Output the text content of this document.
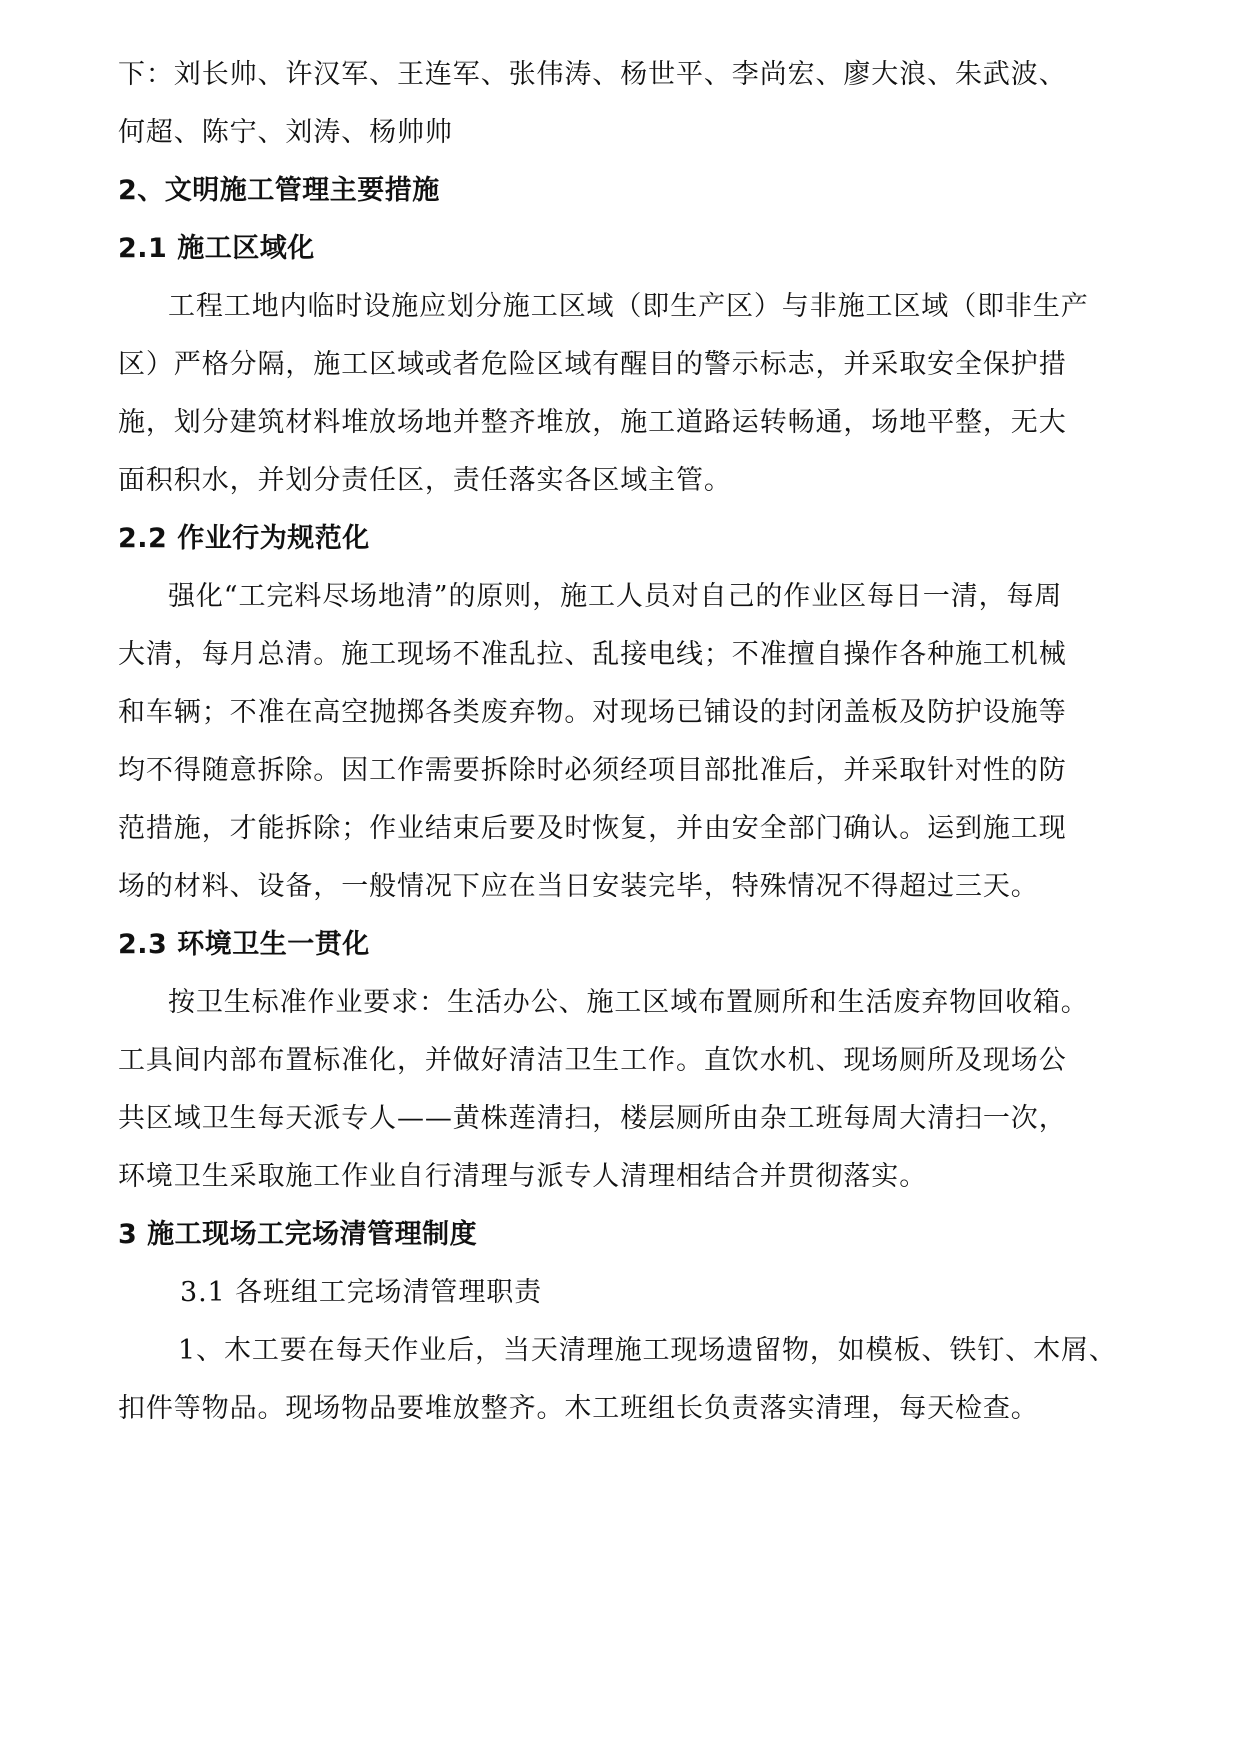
下：刘长帅、许汉军、王连军、张伟涛、杨世平、李尚宏、廖大浪、朱武波、
何超、陈宁、刘涛、杨帅帅
2、文明施工管理主要措施
2.1 施工区域化
工程工地内临时设施应划分施工区域（即生产区）与非施工区域（即非生产
区）严格分隔，施工区域或者危险区域有醒目的警示标志，并采取安全保护措
施，划分建筑材料堆放场地并整齐堆放，施工道路运转畅通，场地平整，无大
面积积水，并划分责任区，责任落实各区域主管。
2.2 作业行为规范化
强化“工完料尽场地清”的原则，施工人员对自己的作业区每日一清，每周
大清，每月总清。施工现场不准乱拉、乱接电线；不准擅自操作各种施工机械
和车辆；不准在高空抛掷各类废弃物。对现场已铺设的封闭盖板及防护设施等
均不得随意拆除。因工作需要拆除时必须经项目部批准后，并采取针对性的防
范措施，才能拆除；作业结束后要及时恢复，并由安全部门确认。运到施工现
场的材料、设备，一般情况下应在当日安装完毕，特殊情况不得超过三天。
2.3 环境卫生一贯化
按卫生标准作业要求：生活办公、施工区域布置厕所和生活废弃物回收箱。
工具间内部布置标准化，并做好清洁卫生工作。直饮水机、现场厕所及现场公
共区域卫生每天派专人——黄株莲清扫，楼层厕所由杂工班每周大清扫一次，
环境卫生采取施工作业自行清理与派专人清理相结合并贯彻落实。
3 施工现场工完场清管理制度
3.1 各班组工完场清管理职责
1、木工要在每天作业后，当天清理施工现场遗留物，如模板、铁钉、木屑、
扣件等物品。现场物品要堆放整齐。木工班组长负责落实清理，每天检查。
